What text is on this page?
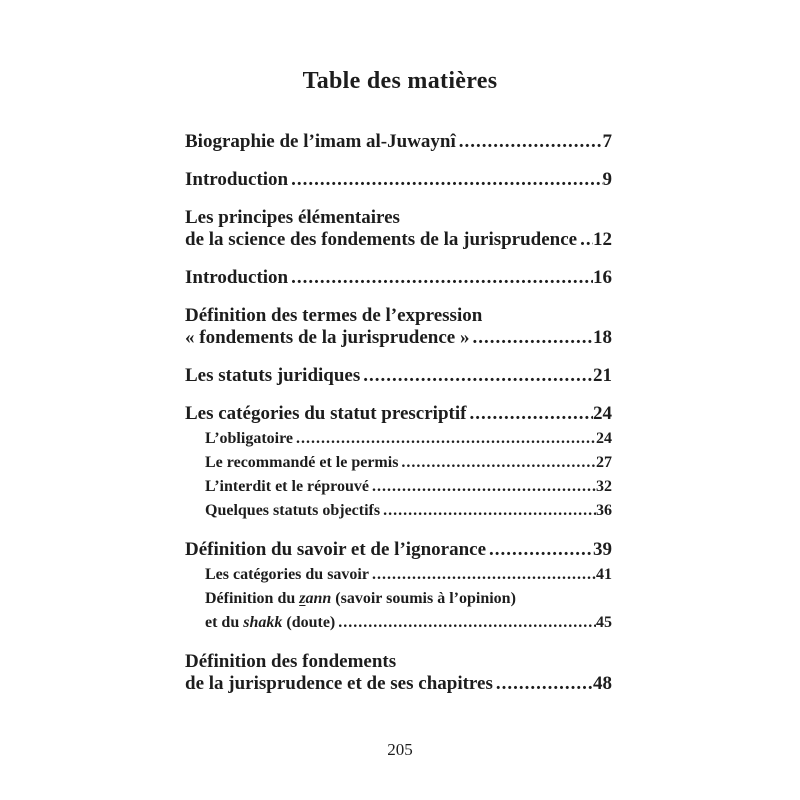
Table des matières
Biographie de l’imam al-Juwaynî .....	7
Introduction .....	9
Les principes élémentaires
de la science des fondements de la jurisprudence ..... 12
Introduction .....	16
Définition des termes de l’expression
« fondements de la jurisprudence » .....	18
Les statuts juridiques .....	21
Les catégories du statut prescriptif .....	24
L’obligatoire .....	24
Le recommandé et le permis .....	27
L’interdit et le réprouvé .....	32
Quelques statuts objectifs .....	36
Définition du savoir et de l’ignorance .....	39
Les catégories du savoir .....	41
Définition du zann (savoir soumis à l’opinion)
et du shakk (doute) .....	45
Définition des fondements
de la jurisprudence et de ses chapitres .....	48
205
